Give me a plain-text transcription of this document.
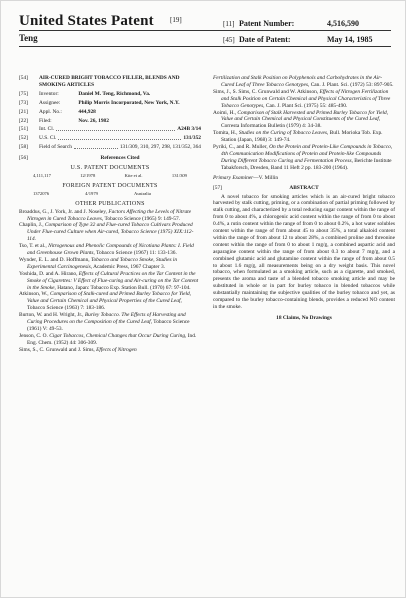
United States Patent [19]
Teng
[11] Patent Number:	4,516,590
[45] Date of Patent:	May 14, 1985
[54] AIR-CURED BRIGHT TOBACCO FILLER, BLENDS AND SMOKING ARTICLES
[75] Inventor:	Daniel M. Teng, Richmond, Va.
[73] Assignee:	Philip Morris Incorporated, New York, N.Y.
[21] Appl. No.:	444,928
[22] Filed:	Nov. 26, 1982
[51] Int. Cl.	A24B 3/14
[52] U.S. Cl.	131/352
[58] Field of Search	131/309, 310, 297, 298, 131/352, 364
[56]	References Cited
U.S. PATENT DOCUMENTS
4,111,117	12/1978	Kite et al.	131/309
FOREIGN PATENT DOCUMENTS
1372076	4/1979	Australia
OTHER PUBLICATIONS
Broaddus, G., J. York, Jr. and J. Noseley, Factors Affecting the Levels of Nitrate Nitrogen in Cured Tobacco Leaves, Tobacco Science (1965) 9: 149-57.
Chaplin, J., Comparison of Type 32 and Flue-cured Tobacco Cultivars Produced Under Flue-cured Culture when Air-cured, Tobacco Science (1975) XIX:112-114.
Tso, T. et al., Nitrogenous and Phenolic Compounds of Nicotiana Plants: I. Field and Greenhouse Grown Plants, Tobacco Science (1967) 11: 133-136.
Wynder, E. L. and D. Hoffmann, Tobacco and Tobacco Smoke, Studies in Experimental Carcinogenesis, Academic Press, 1967 Chapter 3.
Yoshida, D. and A. Hirano, Effects of Cultural Practices on the Tar Content in the Smoke of Cigarettes: V Effect of Flue-curing and Air-curing on the Tar Content in the Smoke, Hatano, Japan: Tobacco Exp. Station Bull. (1970) 67: 97-104.
Atkinson, W., Comparison of Stalk-cured and Primed Burley Tobacco for Yield, Value and Certain Chemical and Physical Properties of the Cured Leaf, Tobacco Science (1963) 7: 183-186.
Burton, W. and H. Wright, Jr., Burley Tobacco. The Effects of Harvesting and Curing Procedures on the Composition of the Cured Leaf, Tobacco Science (1961) V: 49-53.
Jenson, C. O. Cigar Tobaccos, Chemical Changes that Occur During Curing, Ind. Eng. Chem. (1952) 44: 306-309.
Sims, S., C. Grunwald and J. Sims, Effects of Nitrogen
Fertilization and Stalk Position on Polyphenols and Carbohydrates in the Air-Cured Leaf of Three Tobacco Genotypes, Can. J. Plant. Sci. (1972) 53: 897-905.
Sims, J., S. Sims, C. Grunwald and W. Atkinson, Effects of Nitrogen Fertilization and Stalk Position on Certain Chemical and Physical Characteristics of Three Tobacco Genotypes, Can. J. Plant Sci. (1975) 55: 485-490.
Aoimi, H., Comparison of Stalk Harvested and Primed Burley Tobacco for Yield, Value and Certain Chemical and Physical Constituents of the Cured Leaf, Corresta Information Bulletin (1979) 4: 34-38.
Tomita, H., Studies on the Curing of Tobacco Leaves, Bull. Morioka Tob. Exp. Station (Japan, 1968) 3: 149-74.
Pyriki, C., and R. Muller, On the Protein and Protein-Like Compounds in Tobacco, 4th Communication Modifications of Protein and Protein-like Compounds During Different Tobacco Curing and Fermentation Process, Berichte Institute Tabakforsch, Dresden, Band 11 Heft 2 pp. 183-200 (1964).
Primary Examiner—V. Millin
[57]	ABSTRACT
A novel tobacco for smoking articles which is an air-cured bright tobacco harvested by stalk cutting, priming, or a combination of partial priming followed by stalk cutting, and characterized by a total reducing sugar content within the range of from 0 to about 4%, a chlorogenic acid content within the range of from 0 to about 0.4%, a rutin content within the range of from 0 to about 0.2%, a hot water solubles content within the range of from about 45 to about 35%, a total alkaloid content within the range of from about 12 to about 28%, a combined proline and threonine content within the range of from 0 to about 1 mg/g, a combined aspartic acid and asparagine content within the range of from about 0.3 to about 7 mg/g, and a combined glutamic acid and glutamine content within the range of from about 0.5 to about 1.6 mg/g, all measurements being on a dry weight basis. This novel tobacco, when formulated as a smoking article, such as a cigarette, and smoked, presents the aroma and taste of a blended tobacco smoking article and may be substituted in whole or in part for burley tobacco in blended tobaccos while substantially maintaining the subjective qualities of the burley tobacco and yet, as compared to the burley tobacco-containing blends, provides a reduced NO content in the smoke.
18 Claims, No Drawings
